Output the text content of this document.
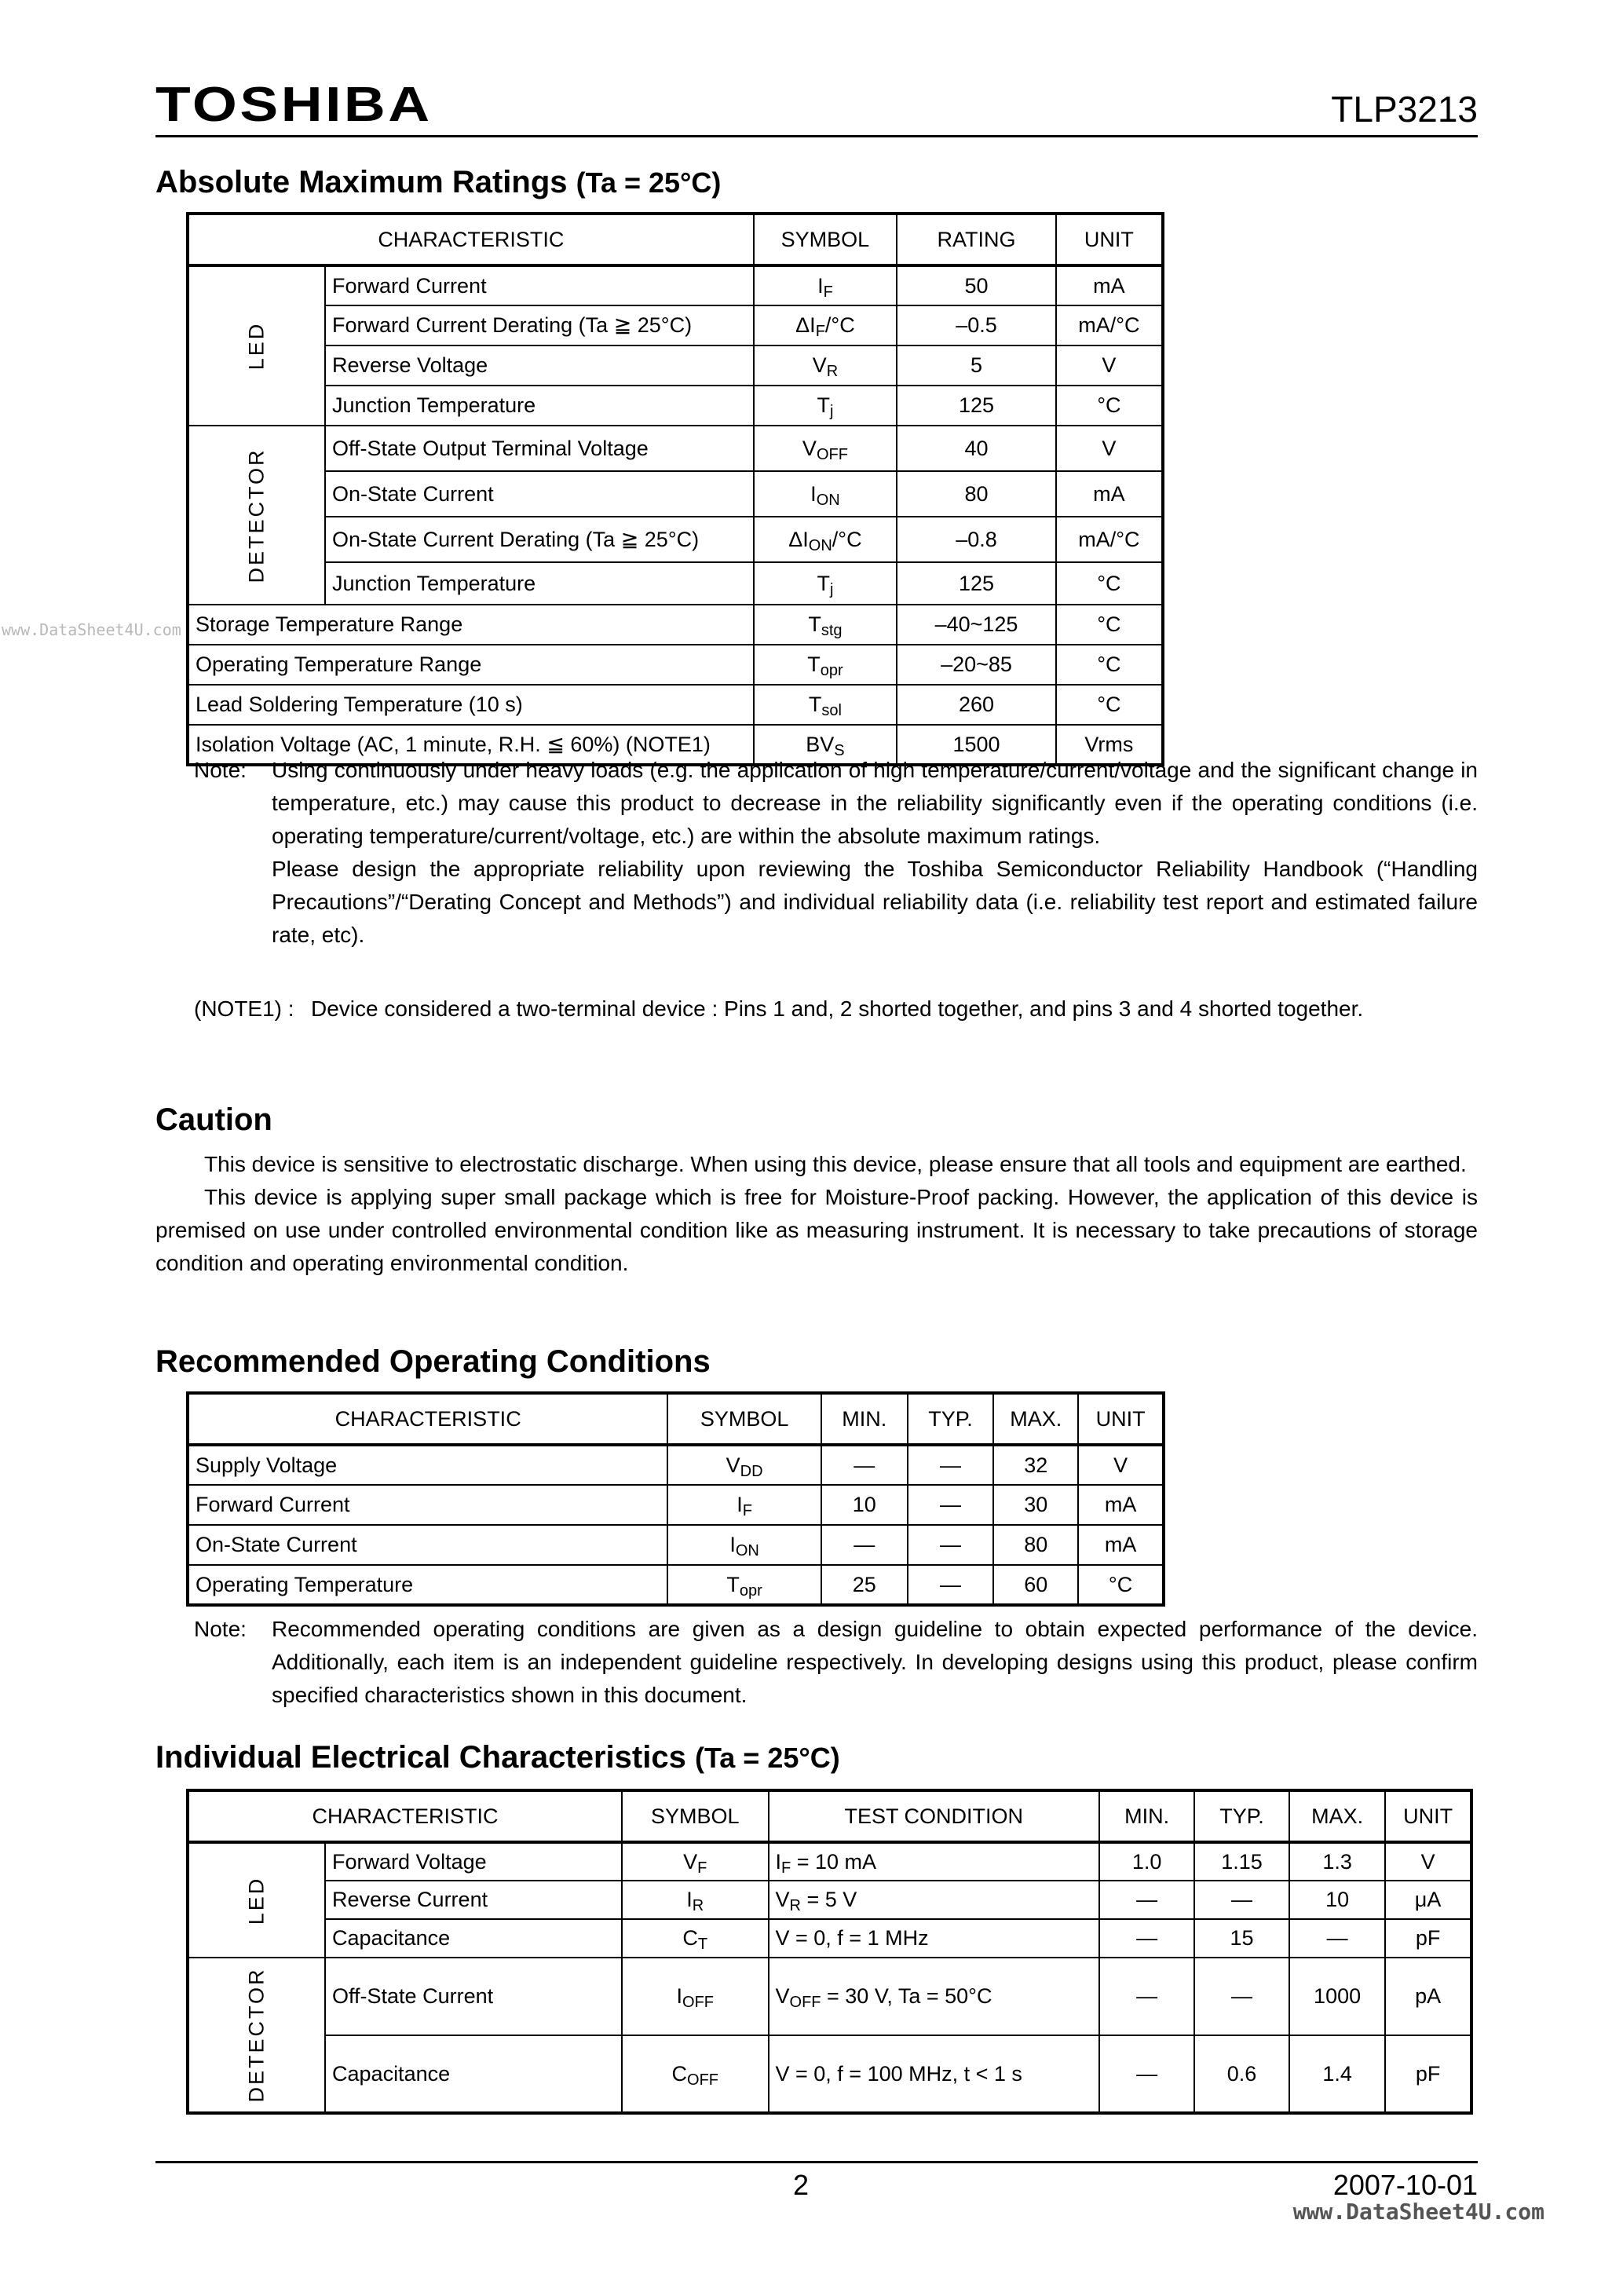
TOSHIBA	TLP3213
www.DataSheet4U.com
Absolute Maximum Ratings (Ta = 25°C)
CHARACTERISTIC		SYMBOL	RATING	UNIT
LED	Forward Current	$I_F$	50	mA
	Forward Current Derating (Ta ≧ 25°C)	$\Delta I_F/^\circ C$	–0.5	mA/°C
	Reverse Voltage	$V_R$	5	V
	Junction Temperature	$T_j$	125	°C
DETECTOR	Off-State Output Terminal Voltage	$V_{OFF}$	40	V
	On-State Current	$I_{ON}$	80	mA
	On-State Current Derating (Ta ≧ 25°C)	$\Delta I_{ON}/^\circ C$	–0.8	mA/°C
	Junction Temperature	$T_j$	125	°C
Storage Temperature Range		$T_{stg}$	–40~125	°C
Operating Temperature Range		$T_{opr}$	–20~85	°C
Lead Soldering Temperature (10 s)		$T_{sol}$	260	°C
Isolation Voltage (AC, 1 minute, R.H. ≦ 60%) (NOTE1)		$BV_S$	1500	Vrms
Note: Using continuously under heavy loads (e.g. the application of high temperature/current/voltage and the significant change in temperature, etc.) may cause this product to decrease in the reliability significantly even if the operating conditions (i.e. operating temperature/current/voltage, etc.) are within the absolute maximum ratings.
Please design the appropriate reliability upon reviewing the Toshiba Semiconductor Reliability Handbook (“Handling Precautions”/“Derating Concept and Methods”) and individual reliability data (i.e. reliability test report and estimated failure rate, etc).
(NOTE1) : Device considered a two-terminal device : Pins 1 and, 2 shorted together, and pins 3 and 4 shorted together.
Caution

This device is sensitive to electrostatic discharge. When using this device, please ensure that all tools and equipment are earthed.

This device is applying super small package which is free for Moisture-Proof packing. However, the application of this device is premised on use under controlled environmental condition like as measuring instrument. It is necessary to take precautions of storage condition and operating environmental condition.

Recommended Operating Conditions
CHARACTERISTIC	SYMBOL	MIN.	TYP.	MAX.	UNIT
Supply Voltage	$V_{DD}$	—	—	32	V
Forward Current	$I_F$	10	—	30	mA
On-State Current	$I_{ON}$	—	—	80	mA
Operating Temperature	$T_{opr}$	25	—	60	°C
Note: Recommended operating conditions are given as a design guideline to obtain expected performance of the device. Additionally, each item is an independent guideline respectively. In developing designs using this product, please confirm specified characteristics shown in this document.
Individual Electrical Characteristics (Ta = 25°C)
CHARACTERISTIC		SYMBOL	TEST CONDITION	MIN.	TYP.	MAX.	UNIT
LED	Forward Voltage	$V_F$	$I_F = 10$ mA	1.0	1.15	1.3	V
	Reverse Current	$I_R$	$V_R = 5$ V	—	—	10	μA
	Capacitance	$C_T$	V = 0, f = 1 MHz	—	15	—	pF
DETECTOR	Off-State Current	$I_{OFF}$	$V_{OFF} = 30$ V, Ta = 50°C	—	—	1000	pA
	Capacitance	$C_{OFF}$	V = 0, f = 100 MHz, t < 1 s	—	0.6	1.4	pF
2	2007-10-01
www.DataSheet4U.com
